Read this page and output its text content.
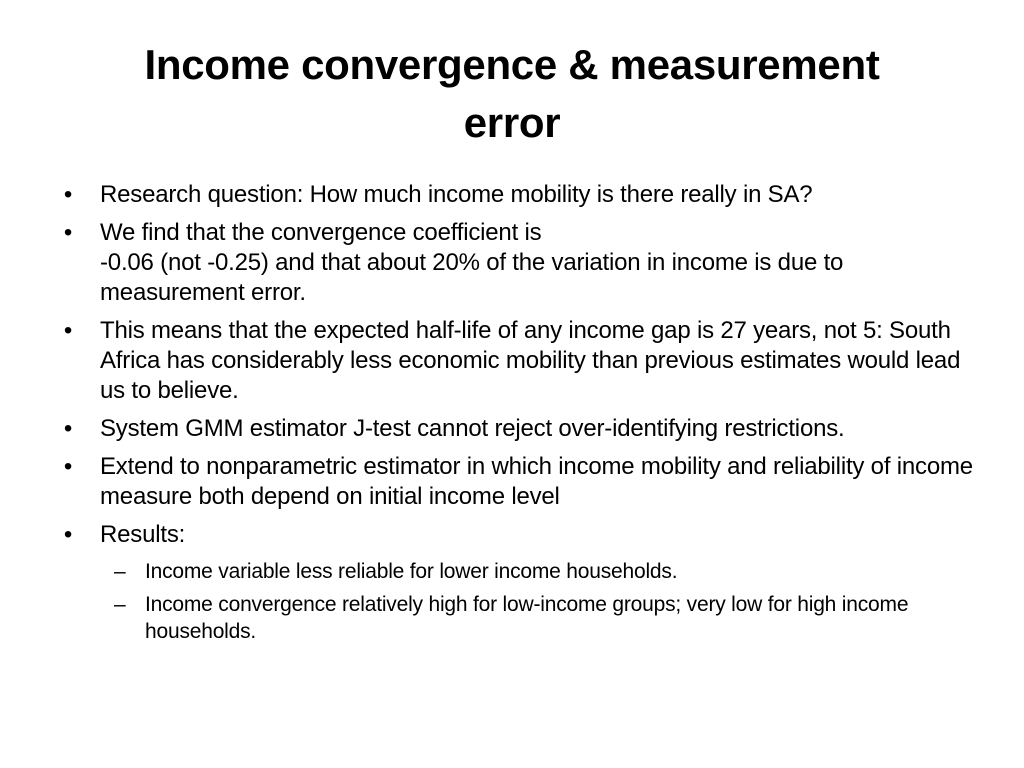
Income convergence & measurement
error
• Research question: How much income mobility is there really in SA?
• We find that the convergence coefficient is
-0.06 (not -0.25) and that about 20% of the variation in income is due to measurement error.
• This means that the expected half-life of any income gap is 27 years, not 5: South Africa has considerably less economic mobility than previous estimates would lead us to believe.
• System GMM estimator J-test cannot reject over-identifying restrictions.
• Extend to nonparametric estimator in which income mobility and reliability of income measure both depend on initial income level
• Results:
– Income variable less reliable for lower income households.
– Income convergence relatively high for low-income groups; very low for high income households.
